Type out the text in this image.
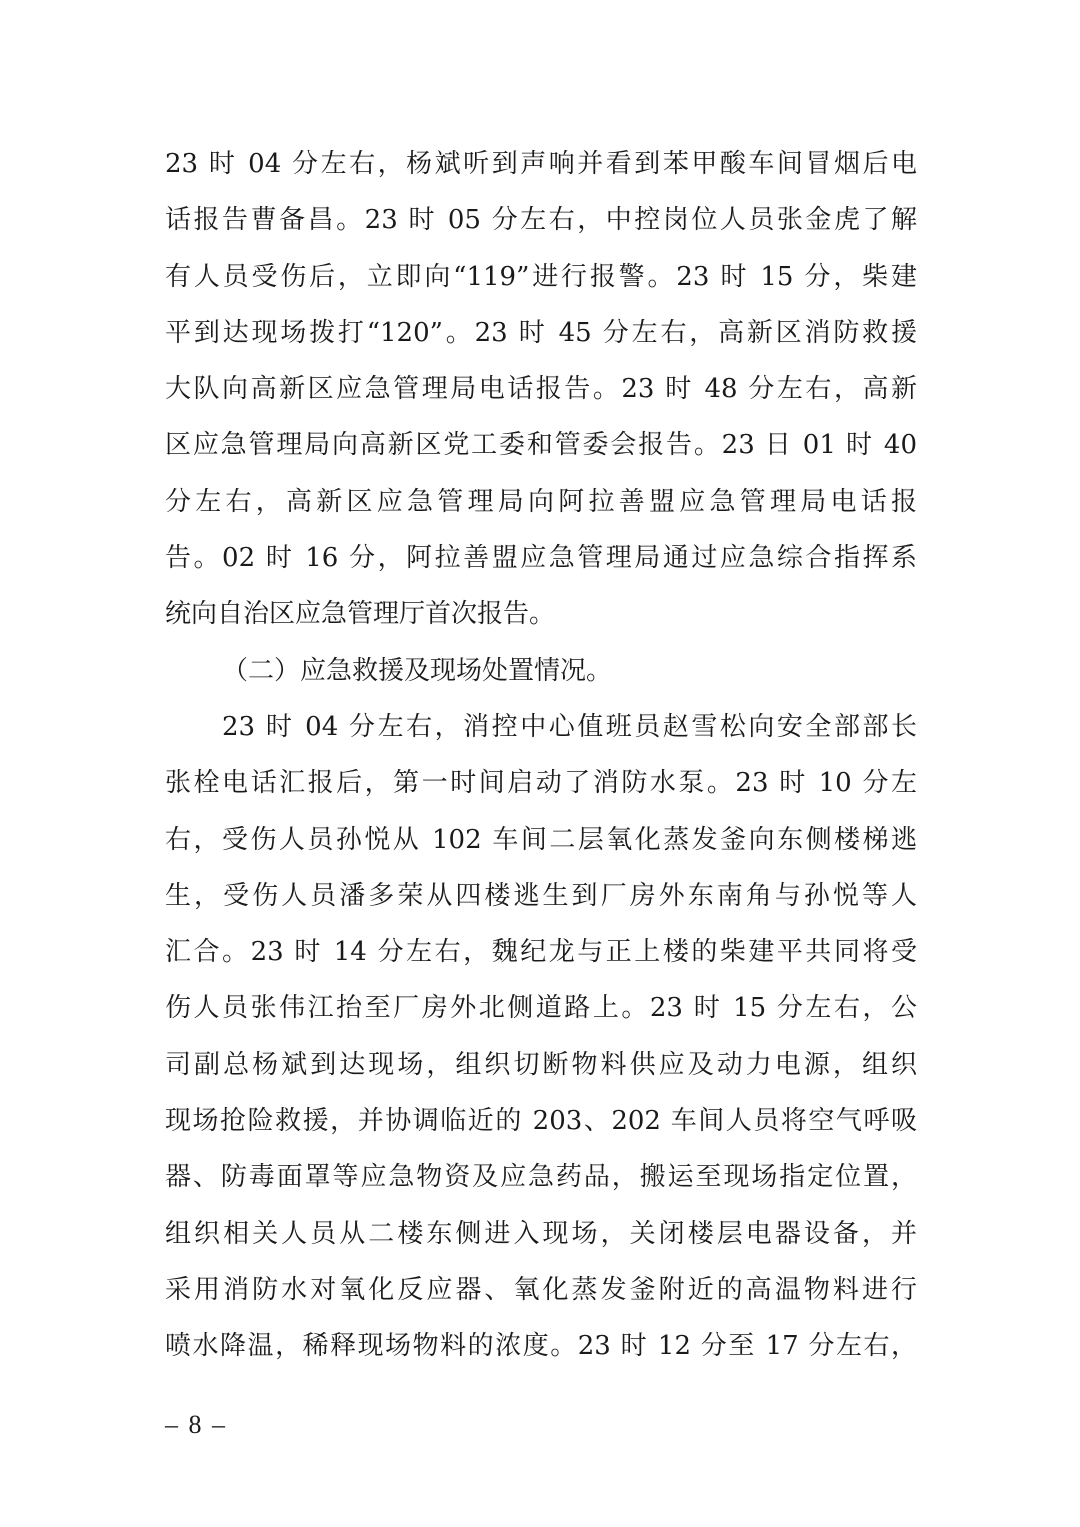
23 时 04 分左右，杨斌听到声响并看到苯甲酸车间冒烟后电
话报告曹备昌。23 时 05 分左右，中控岗位人员张金虎了解
有人员受伤后，立即向“119”进行报警。23 时 15 分，柴建
平到达现场拨打“120”。23 时 45 分左右，高新区消防救援
大队向高新区应急管理局电话报告。23 时 48 分左右，高新
区应急管理局向高新区党工委和管委会报告。23 日 01 时 40
分左右，高新区应急管理局向阿拉善盟应急管理局电话报
告。02 时 16 分，阿拉善盟应急管理局通过应急综合指挥系
统向自治区应急管理厅首次报告。
（二）应急救援及现场处置情况。
23 时 04 分左右，消控中心值班员赵雪松向安全部部长
张栓电话汇报后，第一时间启动了消防水泵。23 时 10 分左
右，受伤人员孙悦从 102 车间二层氧化蒸发釜向东侧楼梯逃
生，受伤人员潘多荣从四楼逃生到厂房外东南角与孙悦等人
汇合。23 时 14 分左右，魏纪龙与正上楼的柴建平共同将受
伤人员张伟江抬至厂房外北侧道路上。23 时 15 分左右，公
司副总杨斌到达现场，组织切断物料供应及动力电源，组织
现场抢险救援，并协调临近的 203、202 车间人员将空气呼吸
器、防毒面罩等应急物资及应急药品，搬运至现场指定位置，
组织相关人员从二楼东侧进入现场，关闭楼层电器设备，并
采用消防水对氧化反应器、氧化蒸发釜附近的高温物料进行
喷水降温，稀释现场物料的浓度。23 时 12 分至 17 分左右，
– 8 –
